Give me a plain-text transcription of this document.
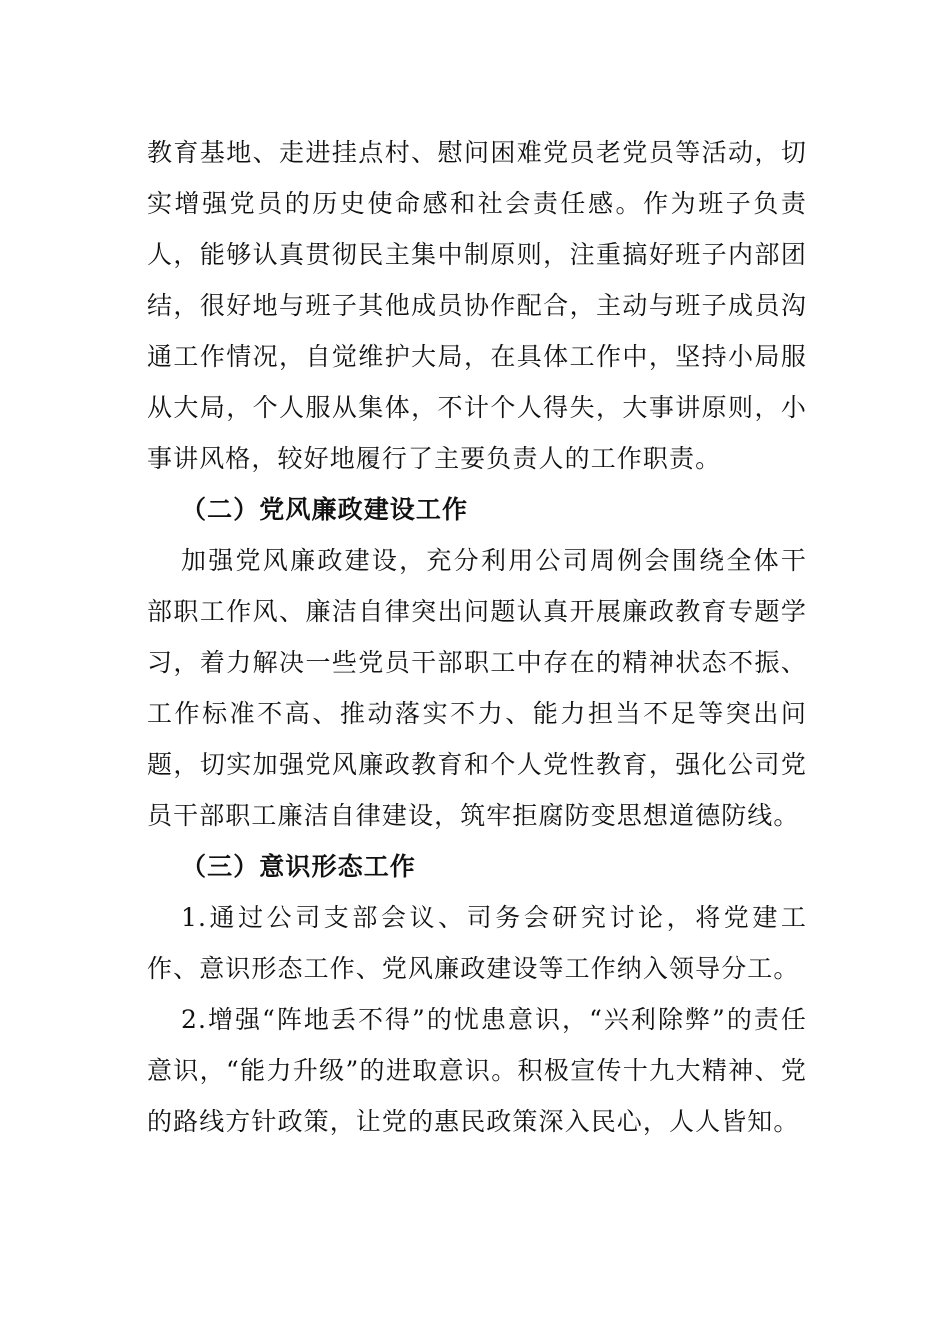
教育基地、走进挂点村、慰问困难党员老党员等活动，切实增强党员的历史使命感和社会责任感。作为班子负责人，能够认真贯彻民主集中制原则，注重搞好班子内部团结，很好地与班子其他成员协作配合，主动与班子成员沟通工作情况，自觉维护大局，在具体工作中，坚持小局服从大局，个人服从集体，不计个人得失，大事讲原则，小事讲风格，较好地履行了主要负责人的工作职责。

（二）党风廉政建设工作

加强党风廉政建设，充分利用公司周例会围绕全体干部职工作风、廉洁自律突出问题认真开展廉政教育专题学习，着力解决一些党员干部职工中存在的精神状态不振、工作标准不高、推动落实不力、能力担当不足等突出问题，切实加强党风廉政教育和个人党性教育，强化公司党员干部职工廉洁自律建设，筑牢拒腐防变思想道德防线。

（三）意识形态工作

1.通过公司支部会议、司务会研究讨论，将党建工作、意识形态工作、党风廉政建设等工作纳入领导分工。

2.增强“阵地丢不得”的忧患意识，“兴利除弊”的责任意识，“能力升级”的进取意识。积极宣传十九大精神、党的路线方针政策，让党的惠民政策深入民心，人人皆知。
